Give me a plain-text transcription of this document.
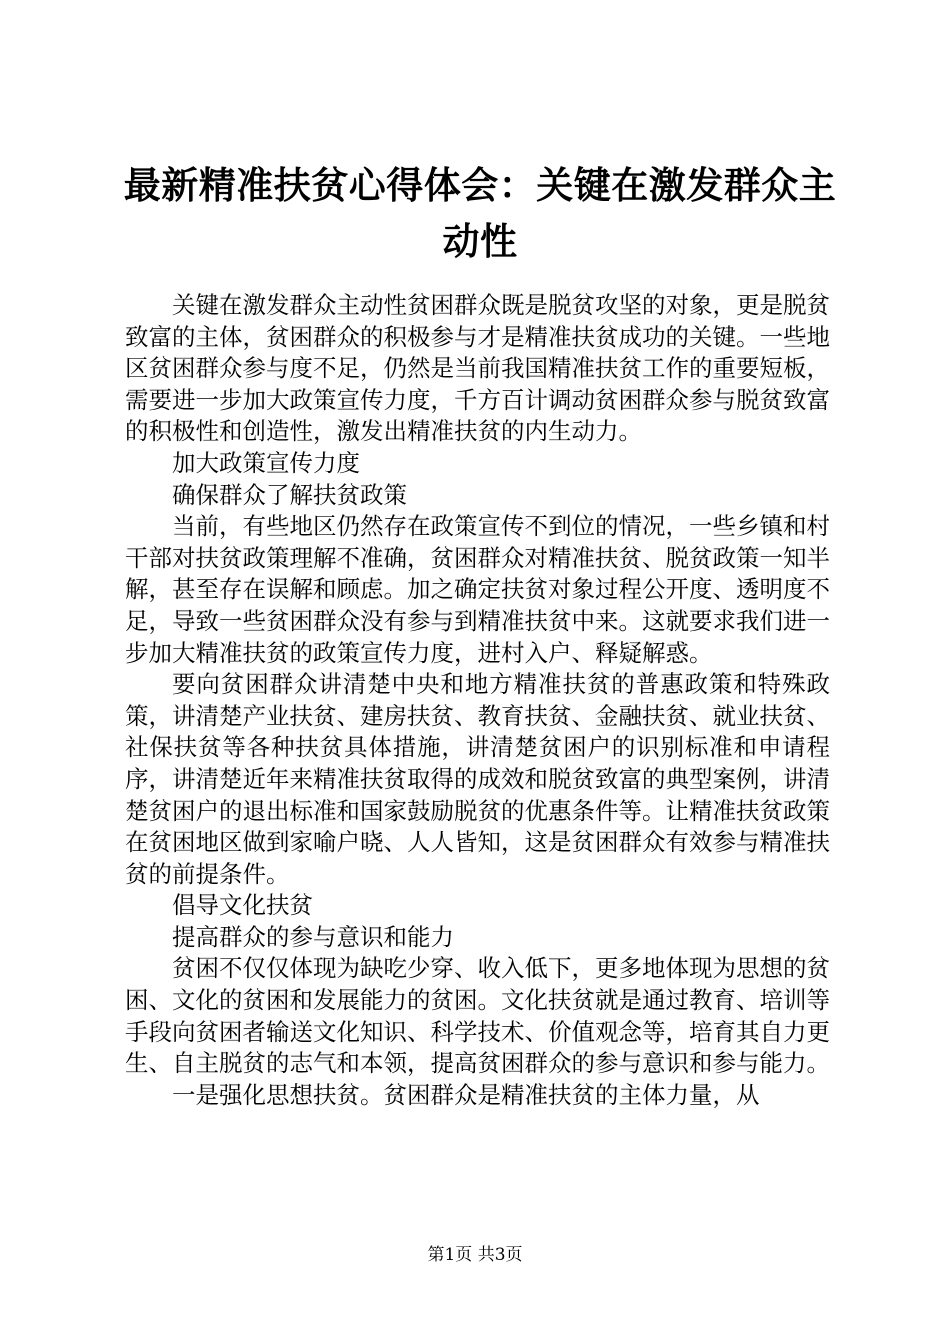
最新精准扶贫心得体会：关键在激发群众主动性

关键在激发群众主动性贫困群众既是脱贫攻坚的对象，更是脱贫致富的主体，贫困群众的积极参与才是精准扶贫成功的关键。一些地区贫困群众参与度不足，仍然是当前我国精准扶贫工作的重要短板，需要进一步加大政策宣传力度，千方百计调动贫困群众参与脱贫致富的积极性和创造性，激发出精准扶贫的内生动力。

加大政策宣传力度

确保群众了解扶贫政策

当前，有些地区仍然存在政策宣传不到位的情况，一些乡镇和村干部对扶贫政策理解不准确，贫困群众对精准扶贫、脱贫政策一知半解，甚至存在误解和顾虑。加之确定扶贫对象过程公开度、透明度不足，导致一些贫困群众没有参与到精准扶贫中来。这就要求我们进一步加大精准扶贫的政策宣传力度，进村入户、释疑解惑。

要向贫困群众讲清楚中央和地方精准扶贫的普惠政策和特殊政策，讲清楚产业扶贫、建房扶贫、教育扶贫、金融扶贫、就业扶贫、社保扶贫等各种扶贫具体措施，讲清楚贫困户的识别标准和申请程序，讲清楚近年来精准扶贫取得的成效和脱贫致富的典型案例，讲清楚贫困户的退出标准和国家鼓励脱贫的优惠条件等。让精准扶贫政策在贫困地区做到家喻户晓、人人皆知，这是贫困群众有效参与精准扶贫的前提条件。

倡导文化扶贫

提高群众的参与意识和能力

贫困不仅仅体现为缺吃少穿、收入低下，更多地体现为思想的贫困、文化的贫困和发展能力的贫困。文化扶贫就是通过教育、培训等手段向贫困者输送文化知识、科学技术、价值观念等，培育其自力更生、自主脱贫的志气和本领，提高贫困群众的参与意识和参与能力。

一是强化思想扶贫。贫困群众是精准扶贫的主体力量，从

第1页 共3页
